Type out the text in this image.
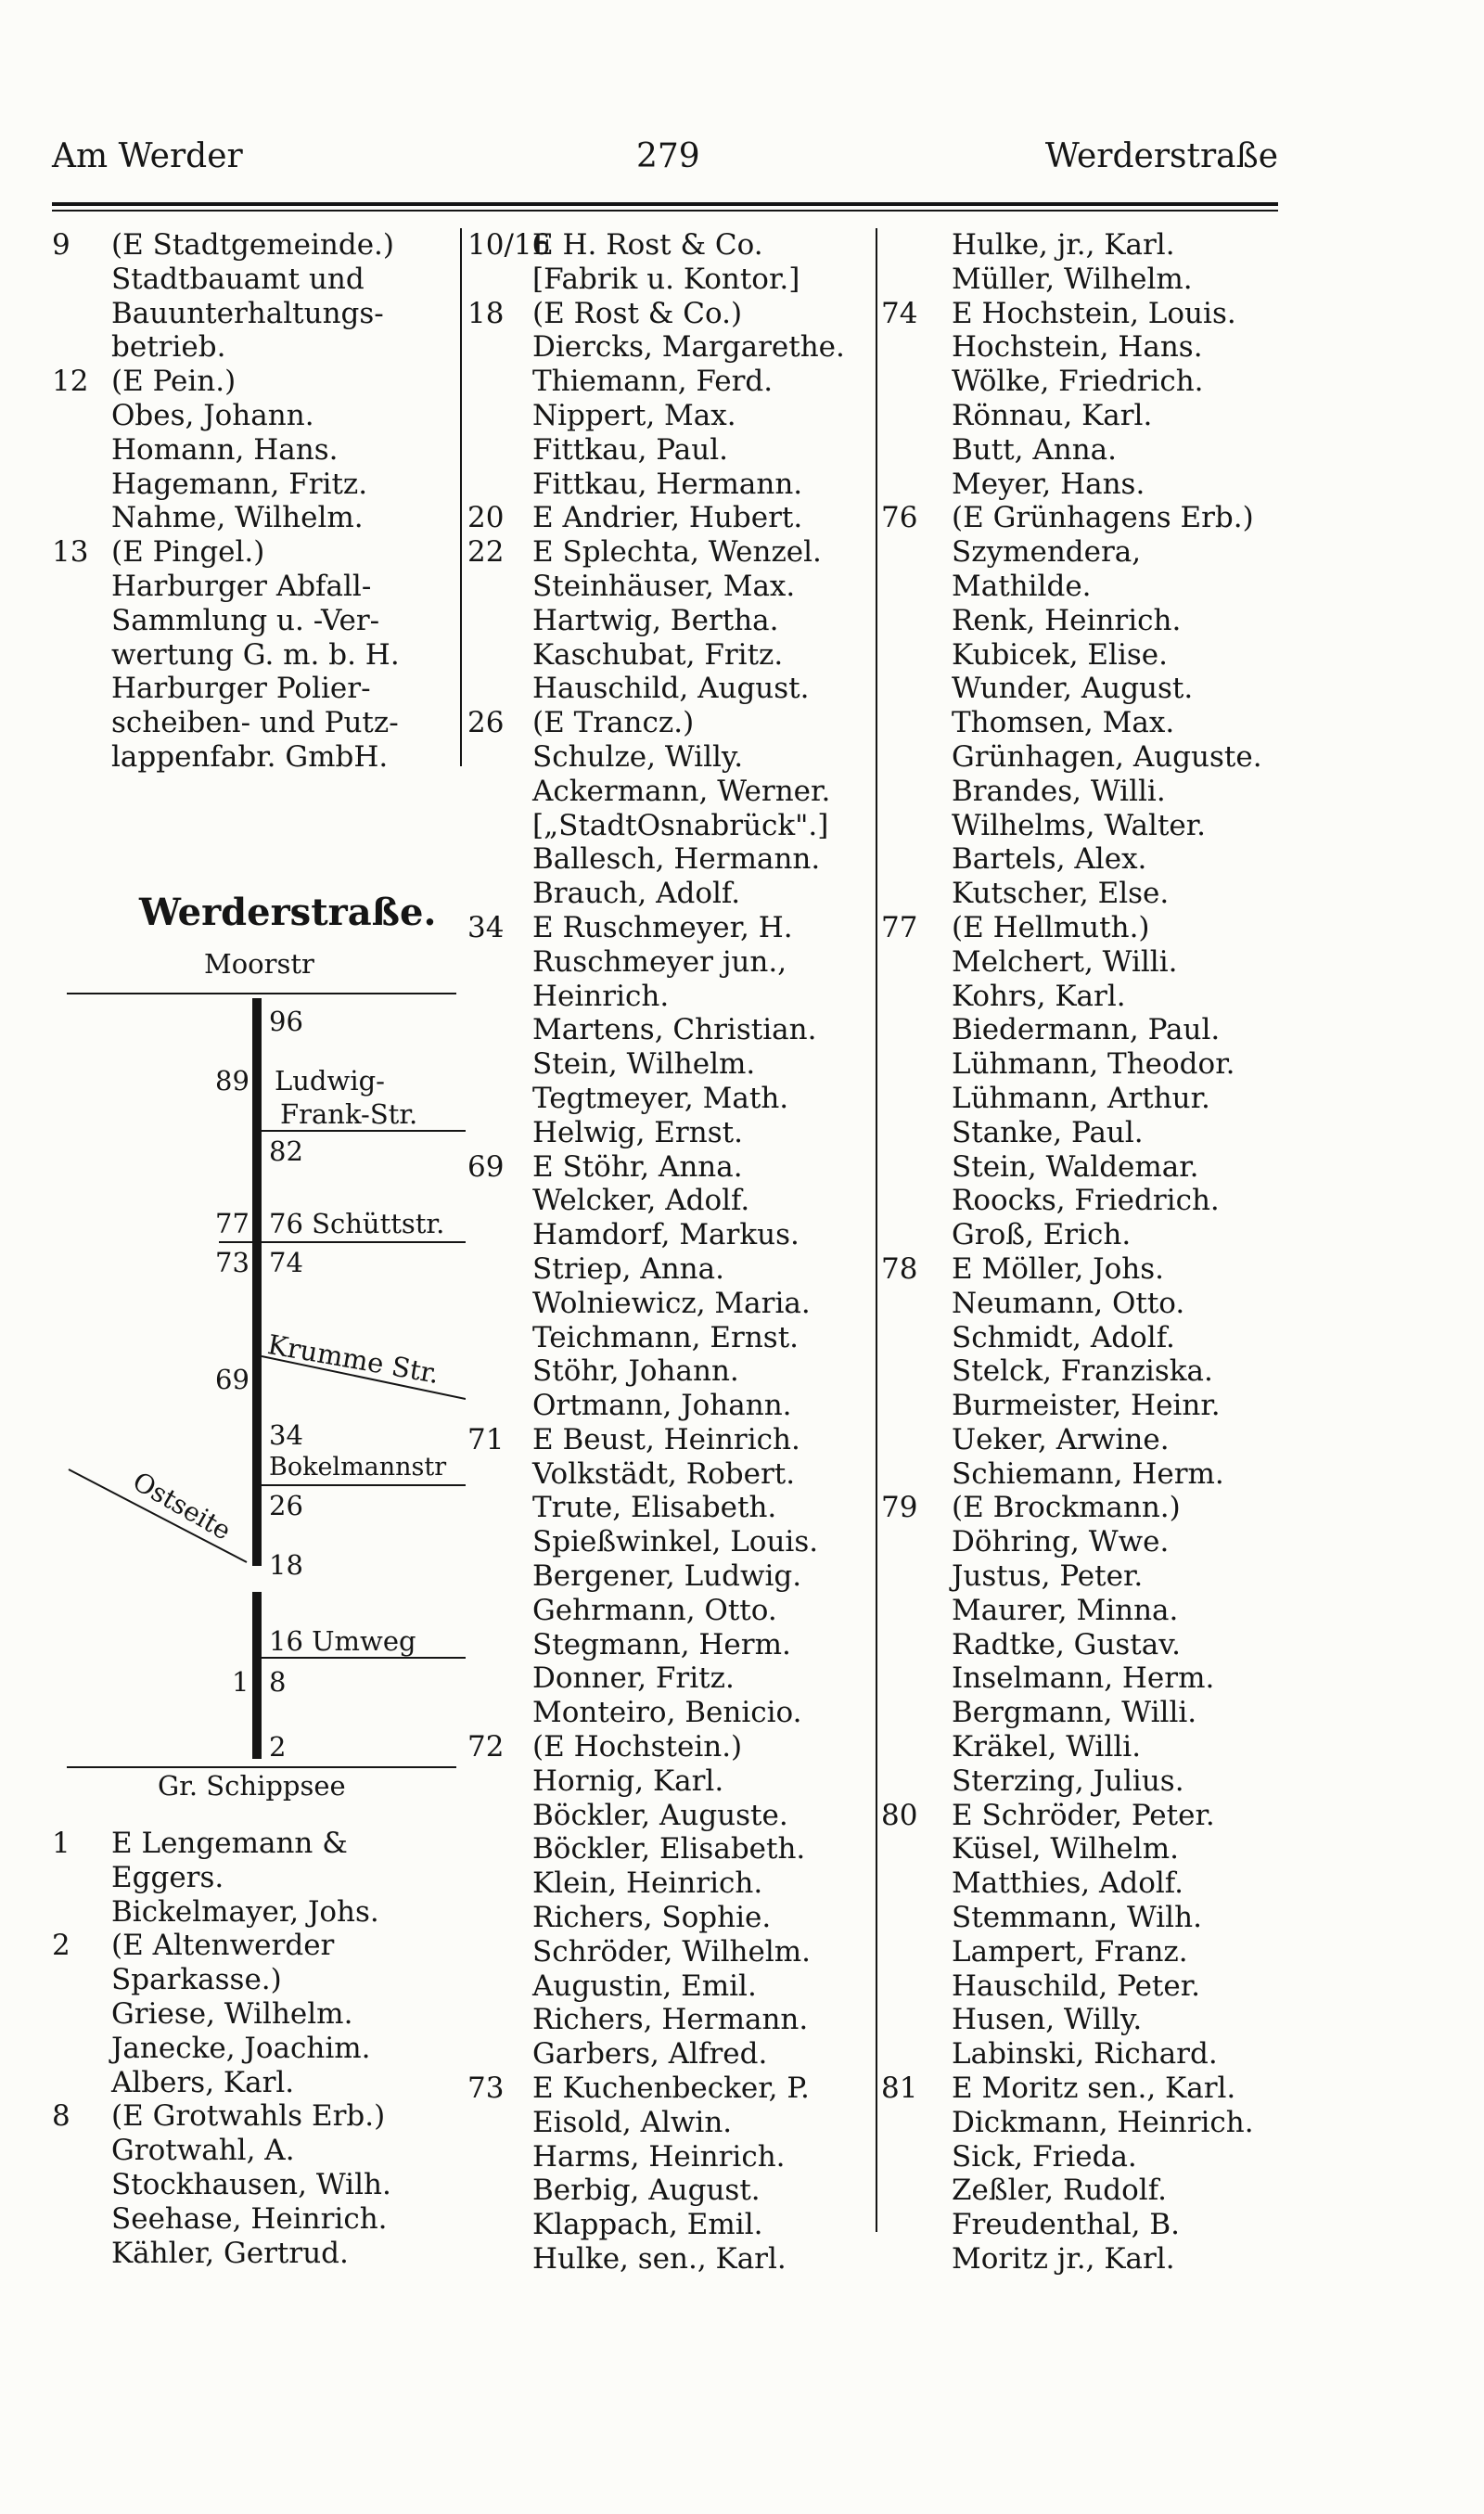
Am Werder	279	Werderstraße
9 (E Stadtgemeinde.)
Stadtbauamt und
Bauunterhaltungs-
betrieb.
12 (E Pein.)
Obes, Johann.
Homann, Hans.
Hagemann, Fritz.
Nahme, Wilhelm.
13 (E Pingel.)
Harburger Abfall-
Sammlung u. -Ver-
wertung G. m. b. H.
Harburger Polier-
scheiben- und Putz-
lappenfabr. GmbH.
1 E Lengemann &
Eggers.
Bickelmayer, Johs.
2 (E Altenwerder
Sparkasse.)
Griese, Wilhelm.
Janecke, Joachim.
Albers, Karl.
8 (E Grotwahls Erb.)
Grotwahl, A.
Stockhausen, Wilh.
Seehase, Heinrich.
Kähler, Gertrud.
10/16
E H. Rost & Co.
[Fabrik u. Kontor.]
18 (E Rost & Co.)
Diercks, Margarethe.
Thiemann, Ferd.
Nippert, Max.
Fittkau, Paul.
Fittkau, Hermann.
20 E Andrier, Hubert.
22 E Splechta, Wenzel.
Steinhäuser, Max.
Hartwig, Bertha.
Kaschubat, Fritz.
Hauschild, August.
26 (E Trancz.)
Schulze, Willy.
Ackermann, Werner.
[„StadtOsnabrück".]
Ballesch, Hermann.
Brauch, Adolf.
34 E Ruschmeyer, H.
Ruschmeyer jun.,
Heinrich.
Martens, Christian.
Stein, Wilhelm.
Tegtmeyer, Math.
Helwig, Ernst.
69 E Stöhr, Anna.
Welcker, Adolf.
Hamdorf, Markus.
Striep, Anna.
Wolniewicz, Maria.
Teichmann, Ernst.
Stöhr, Johann.
Ortmann, Johann.
71 E Beust, Heinrich.
Volkstädt, Robert.
Trute, Elisabeth.
Spießwinkel, Louis.
Bergener, Ludwig.
Gehrmann, Otto.
Stegmann, Herm.
Donner, Fritz.
Monteiro, Benicio.
72 (E Hochstein.)
Hornig, Karl.
Böckler, Auguste.
Böckler, Elisabeth.
Klein, Heinrich.
Richers, Sophie.
Schröder, Wilhelm.
Augustin, Emil.
Richers, Hermann.
Garbers, Alfred.
73 E Kuchenbecker, P.
Eisold, Alwin.
Harms, Heinrich.
Berbig, August.
Klappach, Emil.
Hulke, sen., Karl.
Hulke, jr., Karl.
Müller, Wilhelm.
74 E Hochstein, Louis.
Hochstein, Hans.
Wölke, Friedrich.
Rönnau, Karl.
Butt, Anna.
Meyer, Hans.
76 (E Grünhagens Erb.)
Szymendera,
Mathilde.
Renk, Heinrich.
Kubicek, Elise.
Wunder, August.
Thomsen, Max.
Grünhagen, Auguste.
Brandes, Willi.
Wilhelms, Walter.
Bartels, Alex.
Kutscher, Else.
77 (E Hellmuth.)
Melchert, Willi.
Kohrs, Karl.
Biedermann, Paul.
Lühmann, Theodor.
Lühmann, Arthur.
Stanke, Paul.
Stein, Waldemar.
Roocks, Friedrich.
Groß, Erich.
78 E Möller, Johs.
Neumann, Otto.
Schmidt, Adolf.
Stelck, Franziska.
Burmeister, Heinr.
Ueker, Arwine.
Schiemann, Herm.
79 (E Brockmann.)
Döhring, Wwe.
Justus, Peter.
Maurer, Minna.
Radtke, Gustav.
Inselmann, Herm.
Bergmann, Willi.
Kräkel, Willi.
Sterzing, Julius.
80 E Schröder, Peter.
Küsel, Wilhelm.
Matthies, Adolf.
Stemmann, Wilh.
Lampert, Franz.
Hauschild, Peter.
Husen, Willy.
Labinski, Richard.
81 E Moritz sen., Karl.
Dickmann, Heinrich.
Sick, Frieda.
Zeßler, Rudolf.
Freudenthal, B.
Moritz jr., Karl.
Werderstraße.
Moorstr
96
89 Ludwig-
Frank-Str.
82
77 76 Schüttstr.
73 74
Krumme Str.
69
34
Bokelmannstr
26
18
16 Umweg
1 8
2
Ostseite
Gr. Schippsee
